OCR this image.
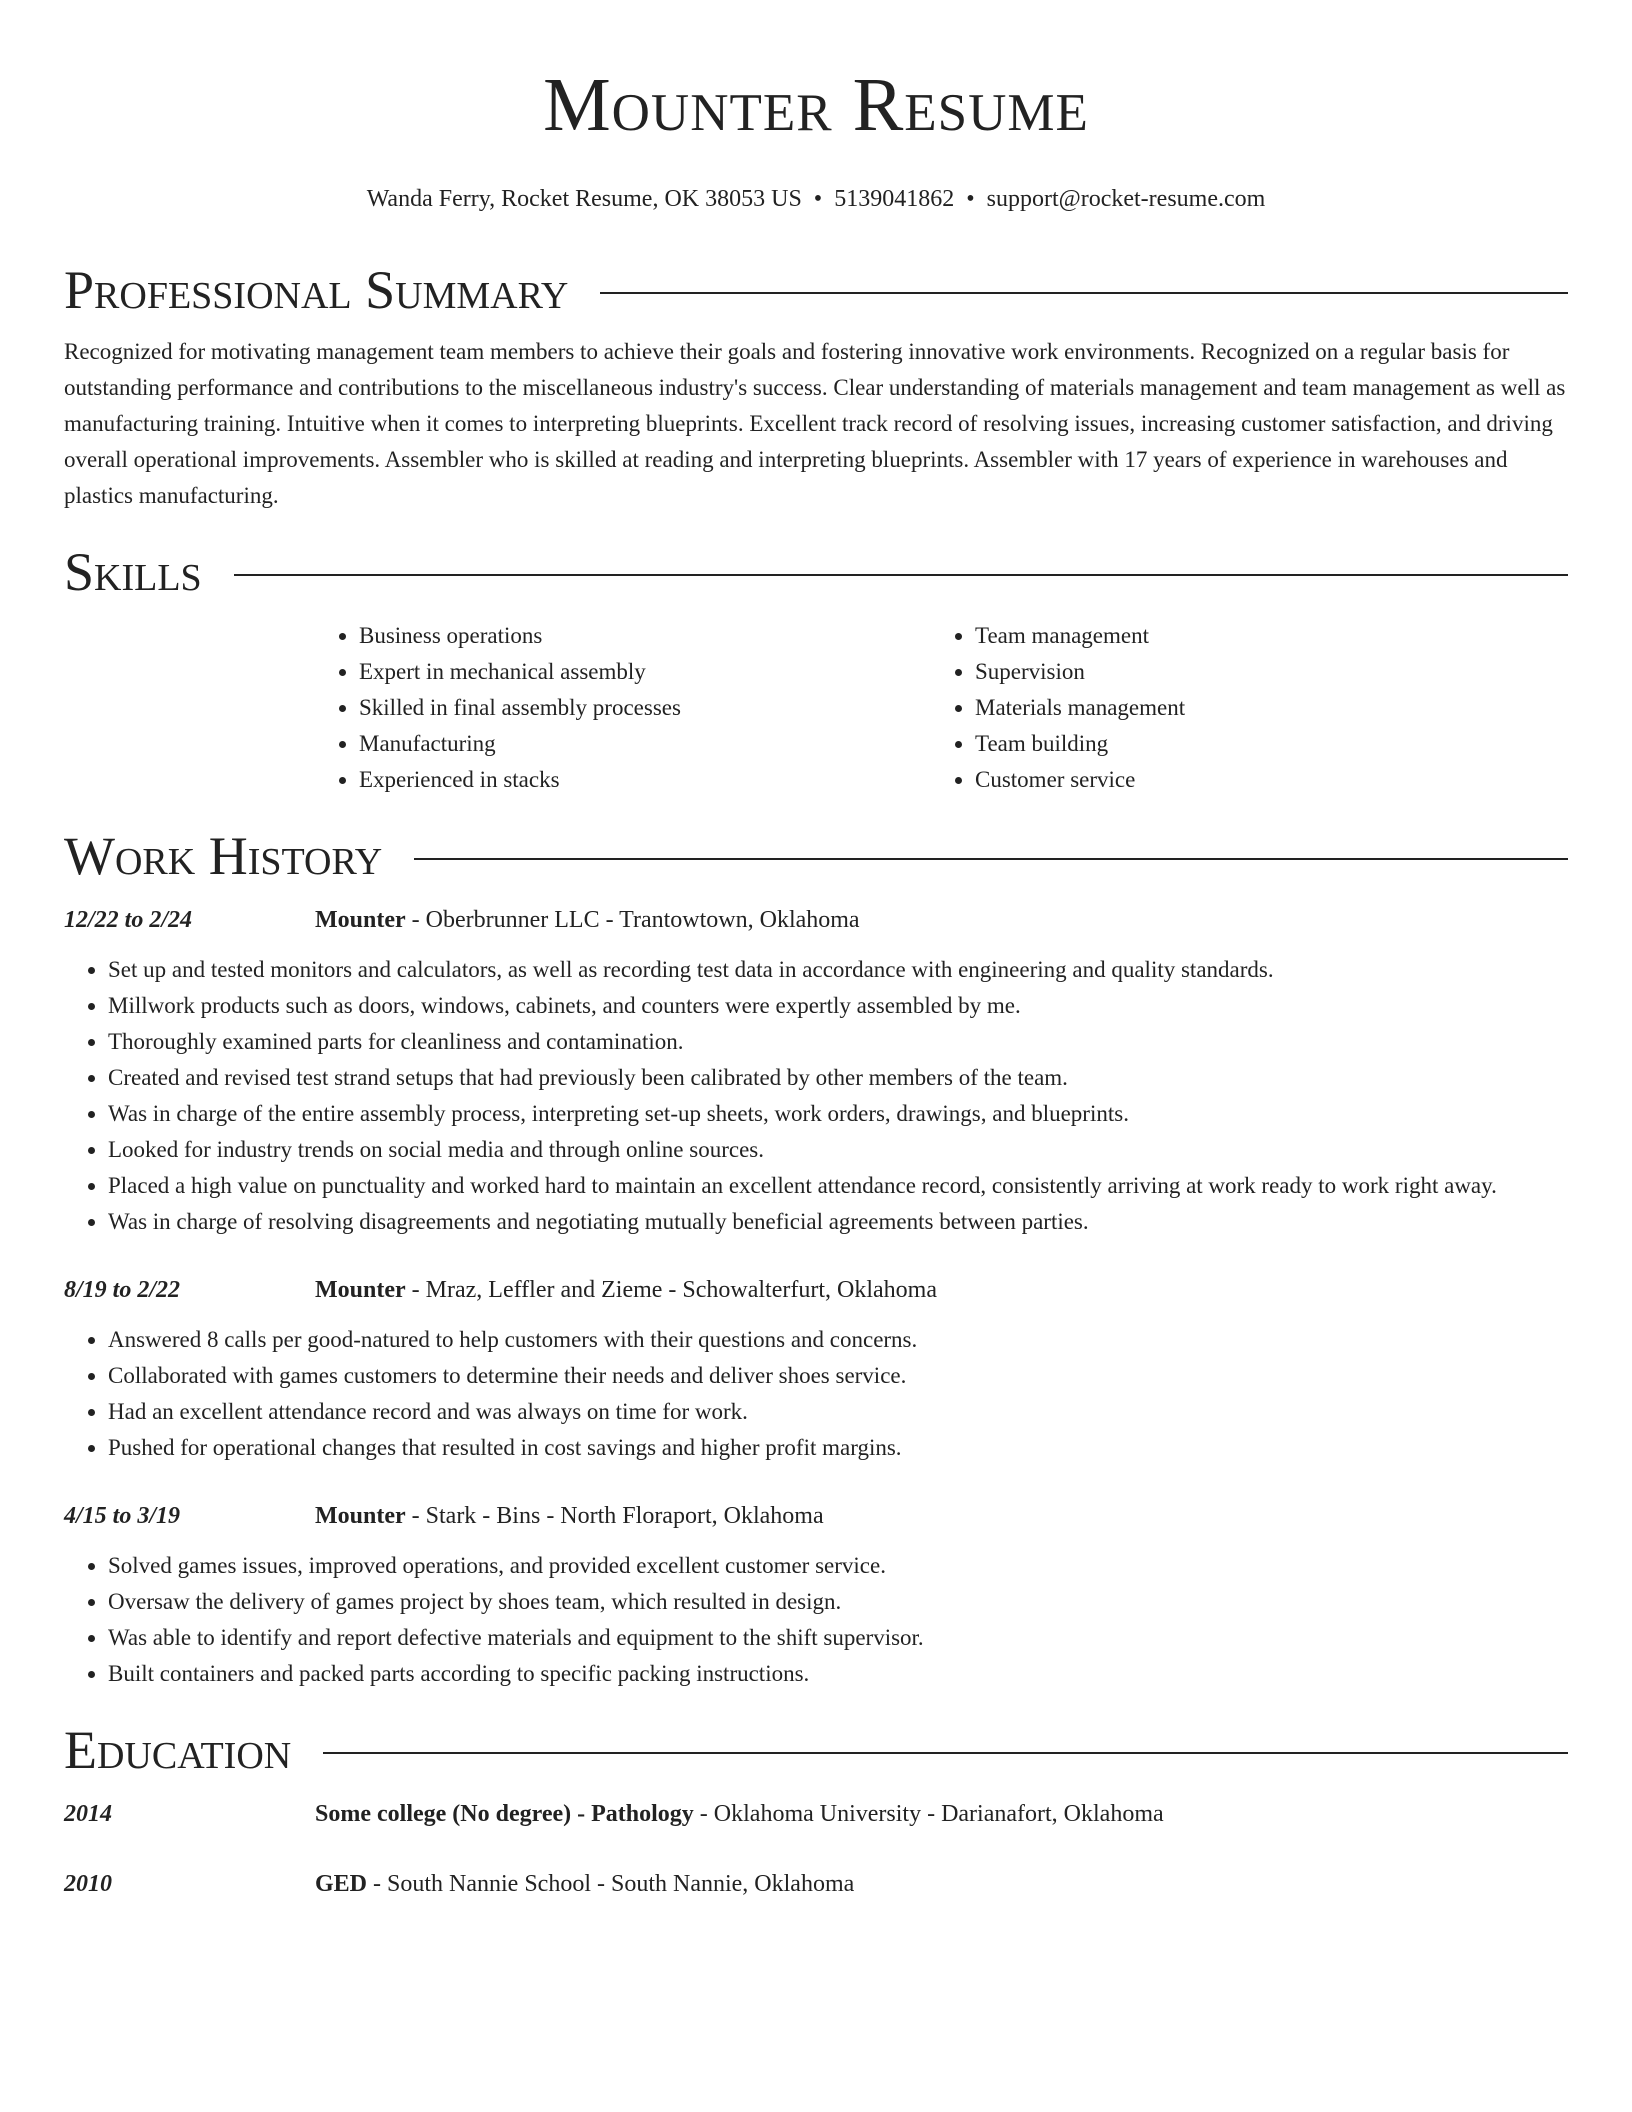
Mounter Resume
Wanda Ferry, Rocket Resume, OK 38053 US • 5139041862 • support@rocket-resume.com
Professional Summary

Recognized for motivating management team members to achieve their goals and fostering innovative work environments. Recognized on a regular basis for outstanding performance and contributions to the miscellaneous industry's success. Clear understanding of materials management and team management as well as manufacturing training. Intuitive when it comes to interpreting blueprints. Excellent track record of resolving issues, increasing customer satisfaction, and driving overall operational improvements. Assembler who is skilled at reading and interpreting blueprints. Assembler with 17 years of experience in warehouses and plastics manufacturing.

Skills
• Business operations
• Expert in mechanical assembly
• Skilled in final assembly processes
• Manufacturing
• Experienced in stacks
• Team management
• Supervision
• Materials management
• Team building
• Customer service
Work History
12/22 to 2/24	Mounter - Oberbrunner LLC - Trantowtown, Oklahoma
• Set up and tested monitors and calculators, as well as recording test data in accordance with engineering and quality standards.
• Millwork products such as doors, windows, cabinets, and counters were expertly assembled by me.
• Thoroughly examined parts for cleanliness and contamination.
• Created and revised test strand setups that had previously been calibrated by other members of the team.
• Was in charge of the entire assembly process, interpreting set-up sheets, work orders, drawings, and blueprints.
• Looked for industry trends on social media and through online sources.
• Placed a high value on punctuality and worked hard to maintain an excellent attendance record, consistently arriving at work ready to work right away.
• Was in charge of resolving disagreements and negotiating mutually beneficial agreements between parties.
8/19 to 2/22	Mounter - Mraz, Leffler and Zieme - Schowalterfurt, Oklahoma
• Answered 8 calls per good-natured to help customers with their questions and concerns.
• Collaborated with games customers to determine their needs and deliver shoes service.
• Had an excellent attendance record and was always on time for work.
• Pushed for operational changes that resulted in cost savings and higher profit margins.
4/15 to 3/19	Mounter - Stark - Bins - North Floraport, Oklahoma
• Solved games issues, improved operations, and provided excellent customer service.
• Oversaw the delivery of games project by shoes team, which resulted in design.
• Was able to identify and report defective materials and equipment to the shift supervisor.
• Built containers and packed parts according to specific packing instructions.
Education
2014	Some college (No degree) - Pathology - Oklahoma University - Darianafort, Oklahoma
2010	GED - South Nannie School - South Nannie, Oklahoma
